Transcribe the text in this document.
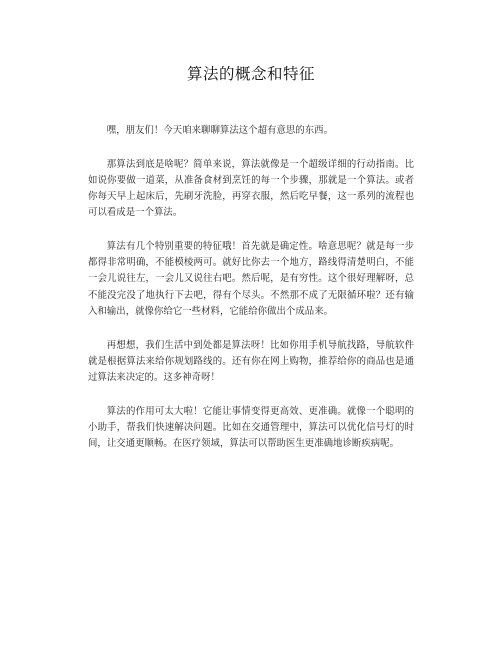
算法的概念和特征

嘿，朋友们！今天咱来聊聊算法这个超有意思的东西。

那算法到底是啥呢？简单来说，算法就像是一个超级详细的行动指南。比如说你要做一道菜，从准备食材到烹饪的每一个步骤，那就是一个算法。或者你每天早上起床后，先刷牙洗脸，再穿衣服，然后吃早餐，这一系列的流程也可以看成是一个算法。

算法有几个特别重要的特征哦！首先就是确定性。啥意思呢？就是每一步都得非常明确，不能模棱两可。就好比你去一个地方，路线得清楚明白，不能一会儿说往左，一会儿又说往右吧。然后呢，是有穷性。这个很好理解呀，总不能没完没了地执行下去吧，得有个尽头。不然那不成了无限循环啦？还有输入和输出，就像你给它一些材料，它能给你做出个成品来。

再想想，我们生活中到处都是算法呀！比如你用手机导航找路，导航软件就是根据算法来给你规划路线的。还有你在网上购物，推荐给你的商品也是通过算法来决定的。这多神奇呀！

算法的作用可太大啦！它能让事情变得更高效、更准确。就像一个聪明的小助手，帮我们快速解决问题。比如在交通管理中，算法可以优化信号灯的时间，让交通更顺畅。在医疗领域，算法可以帮助医生更准确地诊断疾病呢。
